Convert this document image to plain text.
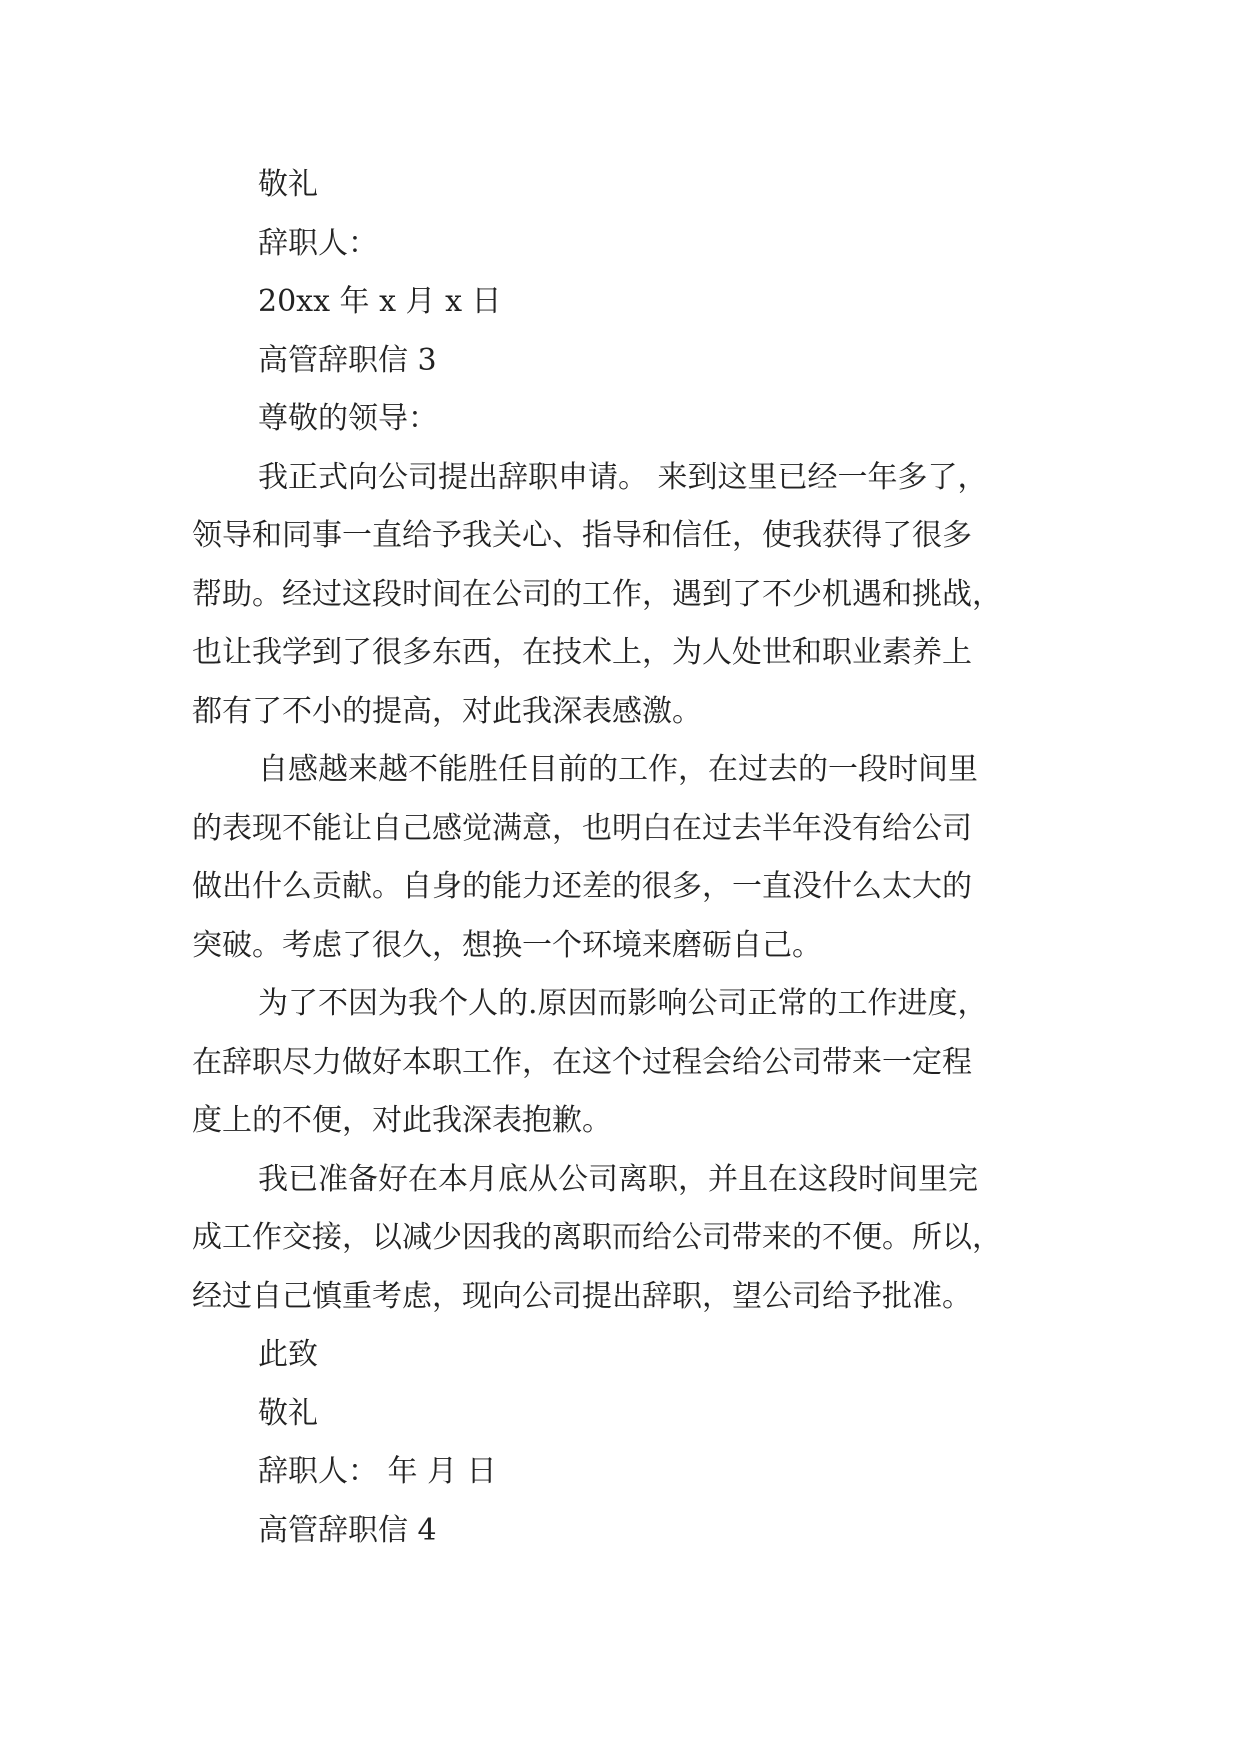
敬礼

辞职人：

20xx 年 x 月 x 日

高管辞职信 3

尊敬的领导：

我正式向公司提出辞职申请。 来到这里已经一年多了，

领导和同事一直给予我关心、指导和信任，使我获得了很多

帮助。经过这段时间在公司的工作，遇到了不少机遇和挑战，

也让我学到了很多东西，在技术上，为人处世和职业素养上

都有了不小的提高，对此我深表感激。

自感越来越不能胜任目前的工作，在过去的一段时间里

的表现不能让自己感觉满意，也明白在过去半年没有给公司

做出什么贡献。自身的能力还差的很多，一直没什么太大的

突破。考虑了很久，想换一个环境来磨砺自己。

为了不因为我个人的.原因而影响公司正常的工作进度，

在辞职尽力做好本职工作，在这个过程会给公司带来一定程

度上的不便，对此我深表抱歉。

我已准备好在本月底从公司离职，并且在这段时间里完

成工作交接，以减少因我的离职而给公司带来的不便。所以，

经过自己慎重考虑，现向公司提出辞职，望公司给予批准。

此致

敬礼

辞职人： 年 月 日

高管辞职信 4
